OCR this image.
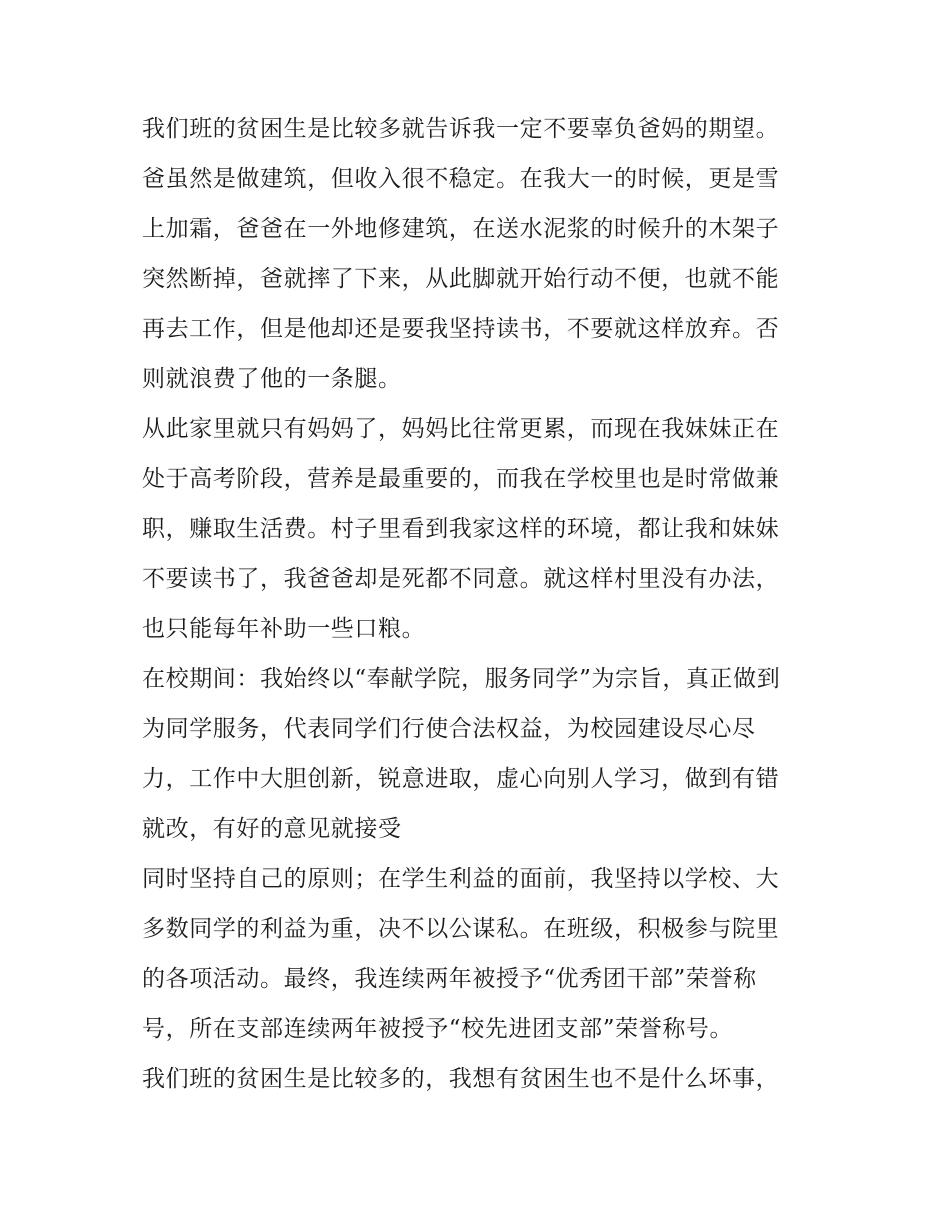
我们班的贫困生是比较多就告诉我一定不要辜负爸妈的期望。
爸虽然是做建筑，但收入很不稳定。在我大一的时候，更是雪
上加霜，爸爸在一外地修建筑，在送水泥浆的时候升的木架子
突然断掉，爸就摔了下来，从此脚就开始行动不便，也就不能
再去工作，但是他却还是要我坚持读书，不要就这样放弃。否
则就浪费了他的一条腿。
从此家里就只有妈妈了，妈妈比往常更累，而现在我妹妹正在
处于高考阶段，营养是最重要的，而我在学校里也是时常做兼
职，赚取生活费。村子里看到我家这样的环境，都让我和妹妹
不要读书了，我爸爸却是死都不同意。就这样村里没有办法，
也只能每年补助一些口粮。
在校期间：我始终以“奉献学院，服务同学”为宗旨，真正做到
为同学服务，代表同学们行使合法权益，为校园建设尽心尽
力，工作中大胆创新，锐意进取，虚心向别人学习，做到有错
就改，有好的意见就接受
同时坚持自己的原则；在学生利益的面前，我坚持以学校、大
多数同学的利益为重，决不以公谋私。在班级，积极参与院里
的各项活动。最终，我连续两年被授予“优秀团干部”荣誉称
号，所在支部连续两年被授予“校先进团支部”荣誉称号。
我们班的贫困生是比较多的，我想有贫困生也不是什么坏事，
